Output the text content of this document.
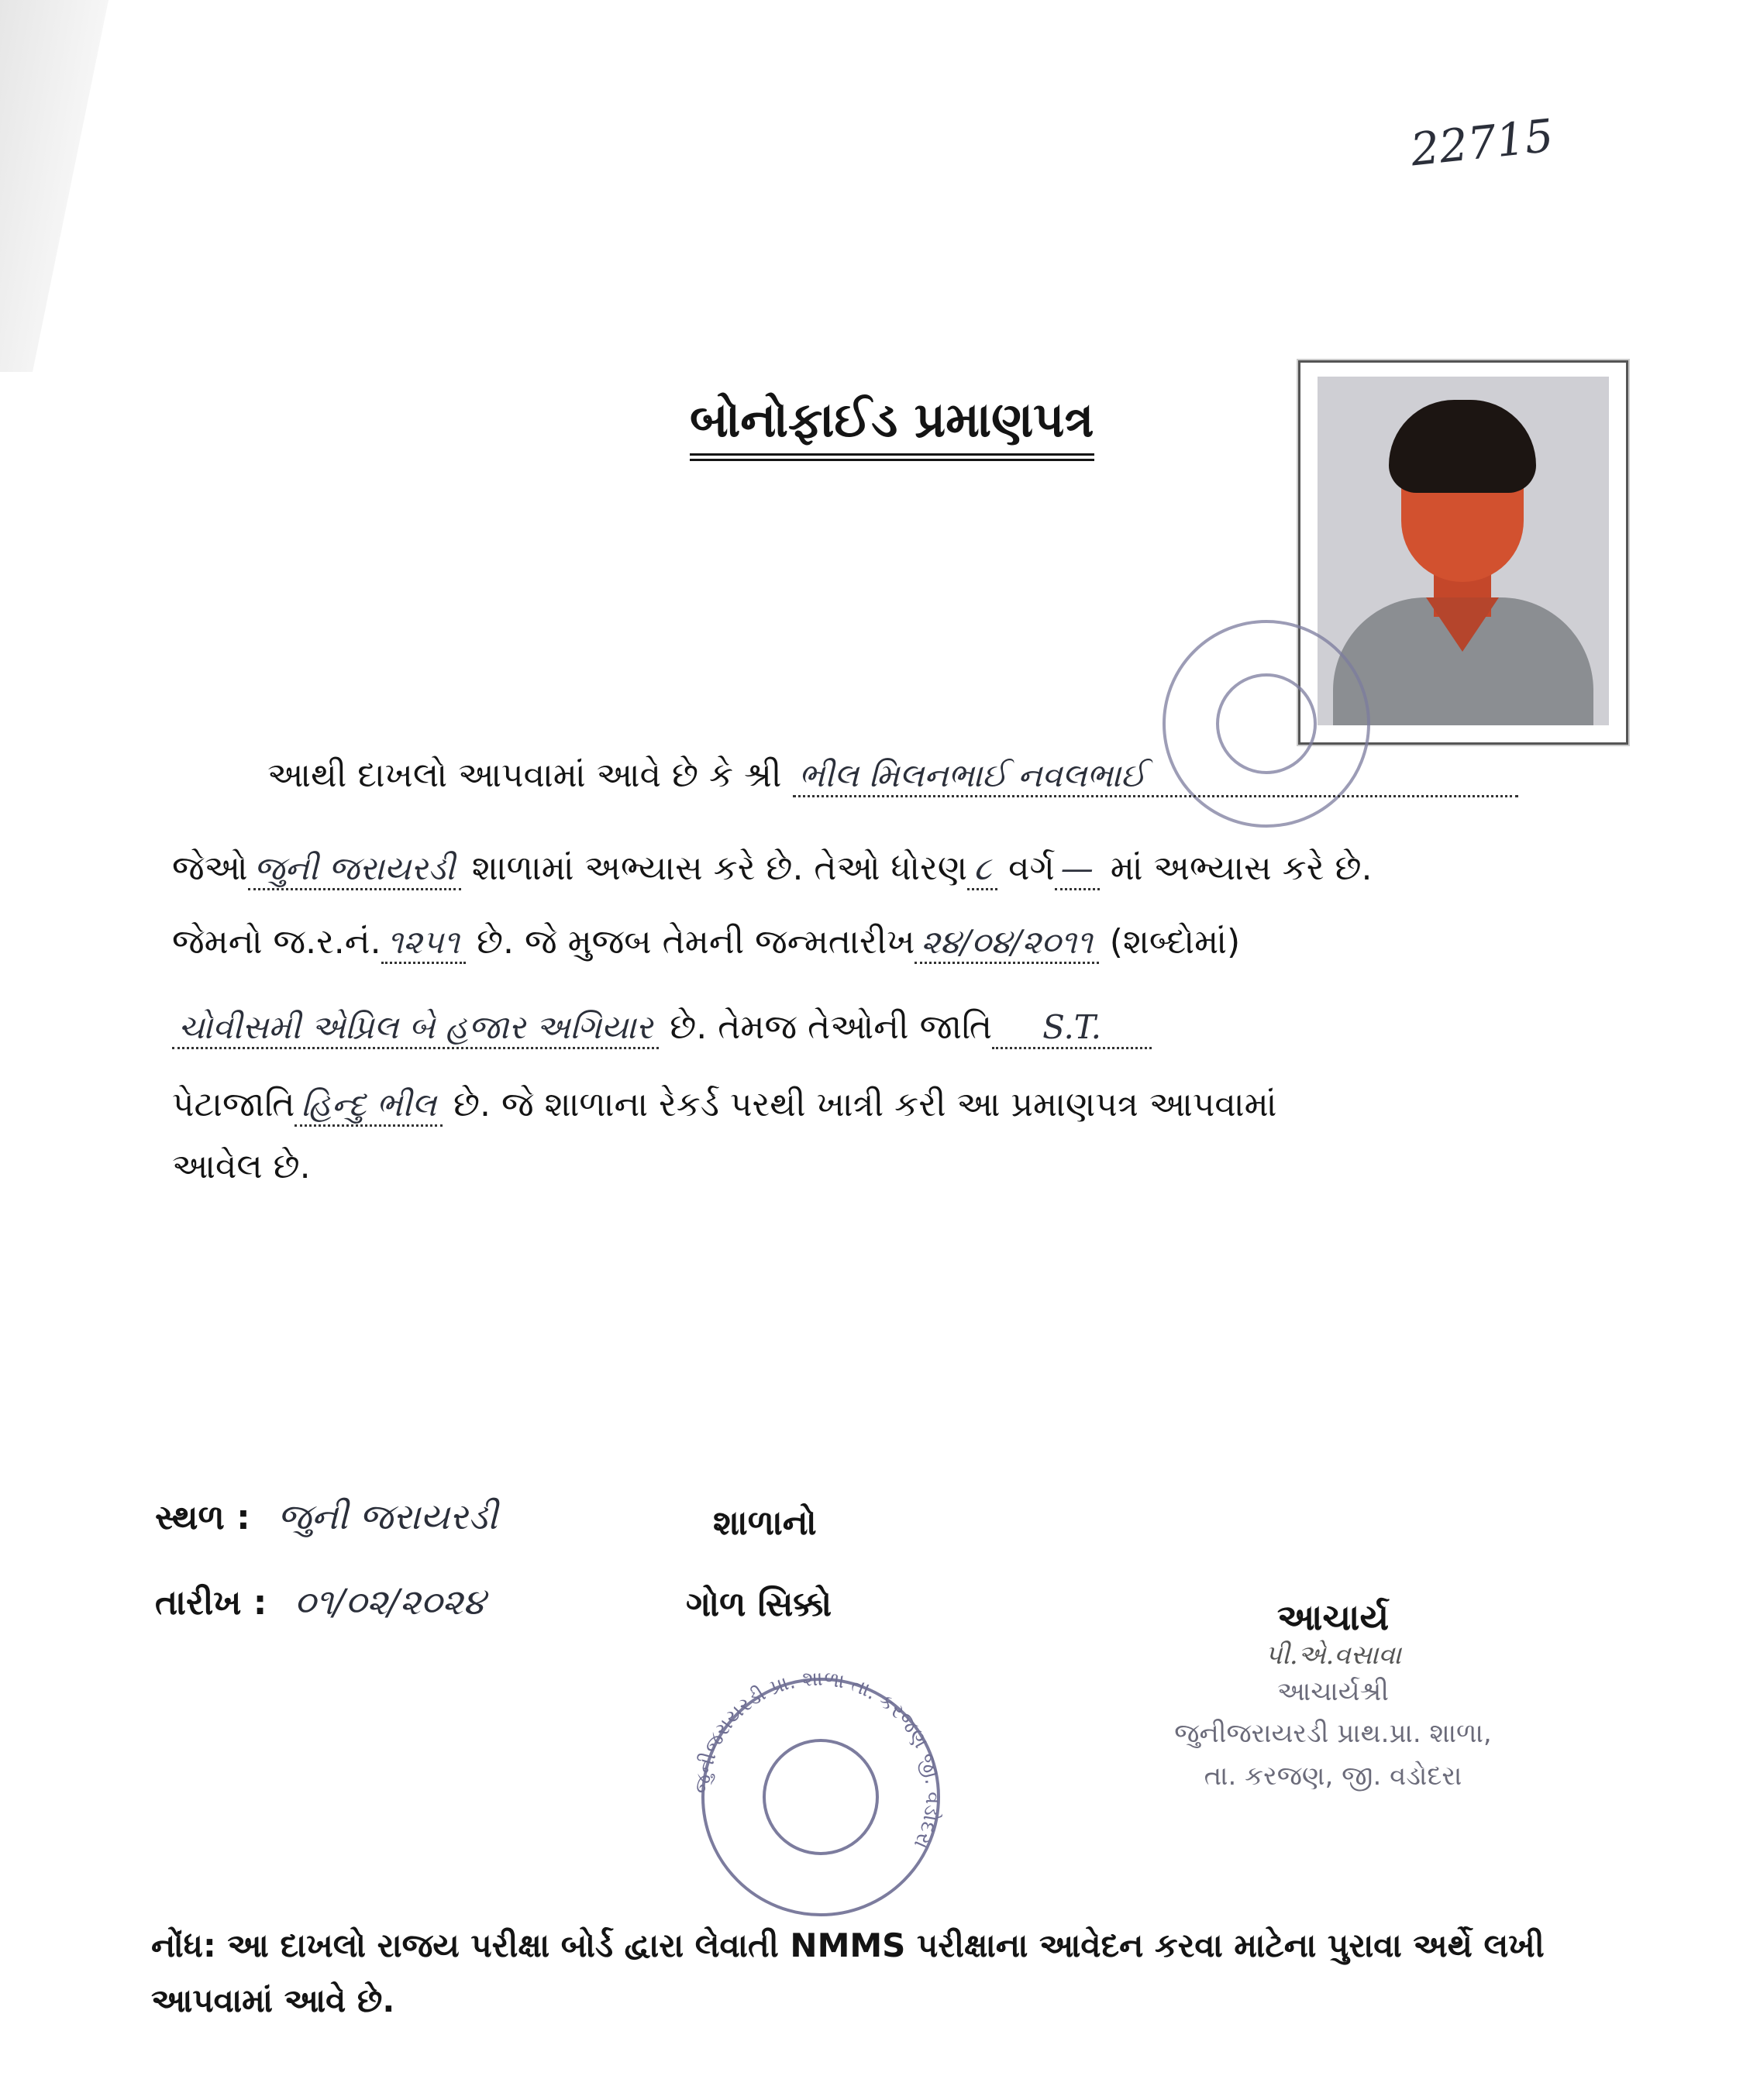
22715
બોનોફાઈડ પ્રમાણપત્ર
આથી દાખલો આપવામાં આવે છે કે શ્રી ભીલ મિલનભાઈ નવલભાઈ
જેઓ જુની જરાયરડી શાળામાં અભ્યાસ કરે છે. તેઓ ધોરણ ૮ વર્ગ — માં અભ્યાસ કરે છે.
જેમનો જ.ર.નં. ૧૨૫૧ છે. જે મુજબ તેમની જન્મતારીખ ૨૪/૦૪/૨૦૧૧ (શબ્દોમાં)
ચોવીસમી એપ્રિલ બે હજાર અગિયાર છે. તેમજ તેઓની જાતિ S.T.
પેટાજાતિ હિન્દુ ભીલ છે. જે શાળાના રેકર્ડ પરથી ખાત્રી કરી આ પ્રમાણપત્ર આપવામાં
આવેલ છે.
સ્થળ : જુની જરાયરડી
તારીખ : ૦૧/૦૨/૨૦૨૪
શાળાનો
ગોળ સિક્કો	આચાર્ય
પી.એ.વસાવા
આચાર્યશ્રી
જુનીજરાયરડી પ્રાથ.પ્રા. શાળા,
તા. કરજણ, જી. વડોદરા
જુનીજરાયરડી પ્રા. શાળા તા. કરજણ જી. વડોદરા
નોંધ: આ દાખલો રાજય પરીક્ષા બોર્ડ દ્વારા લેવાતી NMMS પરીક્ષાના આવેદન કરવા માટેના પુરાવા અર્થે લખી આપવામાં આવે છે.
